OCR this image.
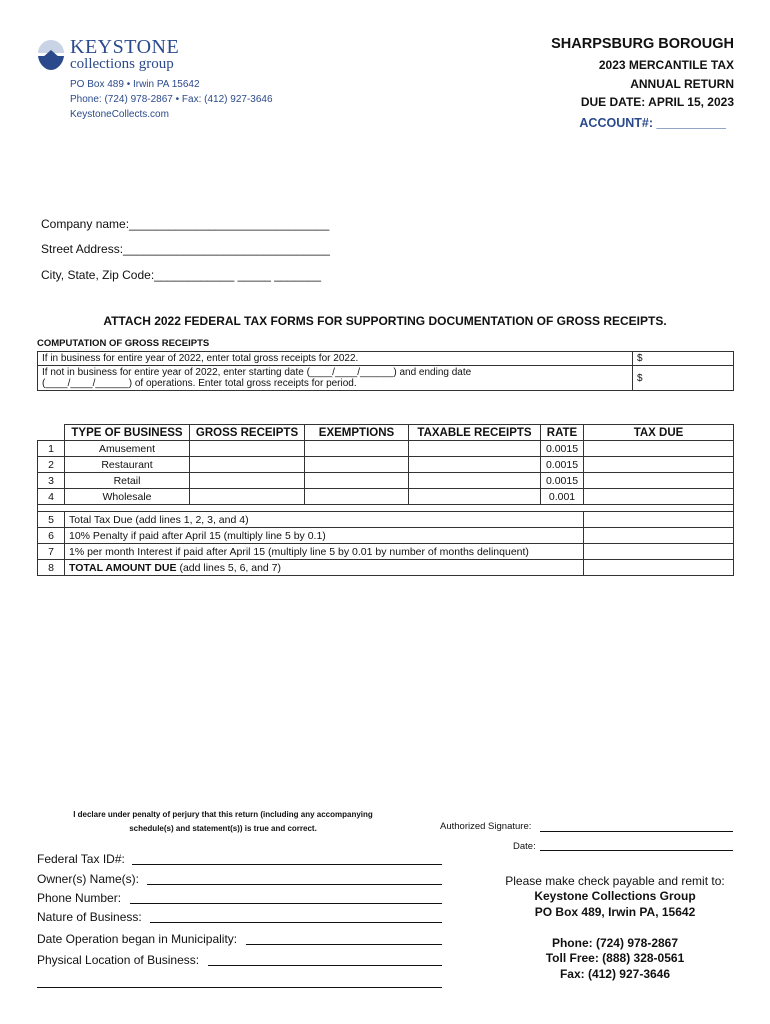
KEYSTONE
collections group
PO Box 489 • Irwin PA 15642
Phone: (724) 978-2867 • Fax: (412) 927-3646
KeystoneCollects.com
SHARPSBURG BOROUGH
2023 MERCANTILE TAX
ANNUAL RETURN
DUE DATE: APRIL 15, 2023
ACCOUNT#: __________
Company name:______________________________
Street Address:_______________________________
City, State, Zip Code:____________ _____ _______
ATTACH 2022 FEDERAL TAX FORMS FOR SUPPORTING DOCUMENTATION OF GROSS RECEIPTS.
COMPUTATION OF GROSS RECEIPTS
If in business for entire year of 2022, enter total gross receipts for 2022.	$

If not in business for entire year of 2022, enter starting date (____/____/______) and ending date
(____/____/______) of operations. Enter total gross receipts for period.	$
	TYPE OF BUSINESS	GROSS RECEIPTS	EXEMPTIONS	TAXABLE RECEIPTS	RATE	TAX DUE
1	Amusement				0.0015	
2	Restaurant				0.0015	
3	Retail				0.0015	
4	Wholesale				0.001	

5	Total Tax Due (add lines 1, 2, 3, and 4)					
6	10% Penalty if paid after April 15 (multiply line 5 by 0.1)					
7	1% per month Interest if paid after April 15 (multiply line 5 by 0.01 by number of months delinquent)					
8	TOTAL AMOUNT DUE (add lines 5, 6, and 7)					
I declare under penalty of perjury that this return (including any accompanying
schedule(s) and statement(s)) is true and correct.	Authorized Signature:
Date:
Federal Tax ID#:
Owner(s) Name(s):
Phone Number:
Nature of Business:
Date Operation began in Municipality:
Physical Location of Business:
Please make check payable and remit to:
Keystone Collections Group
PO Box 489, Irwin PA, 15642
Phone: (724) 978-2867
Toll Free: (888) 328-0561
Fax: (412) 927-3646
